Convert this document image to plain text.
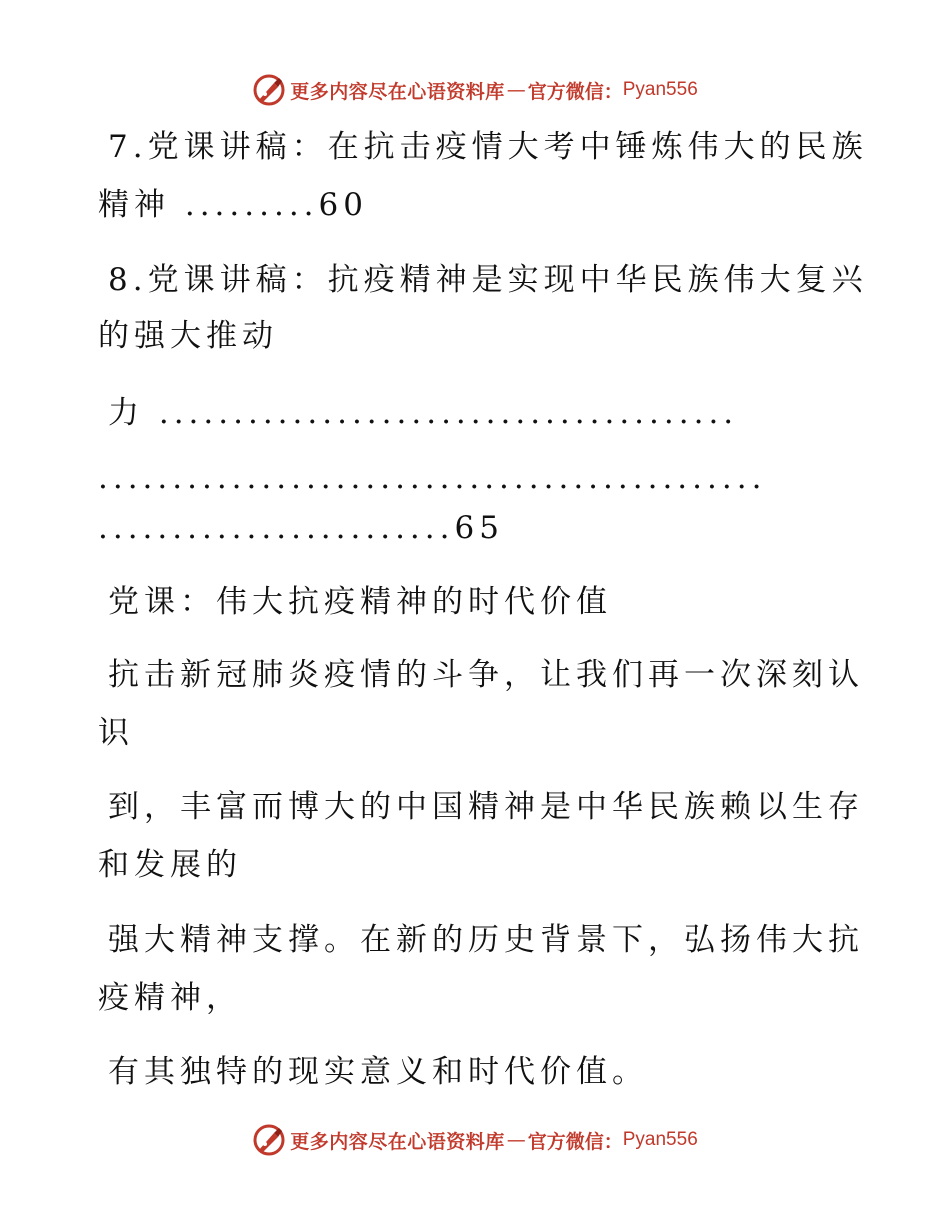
更多内容尽在心语资料库 — 官方微信： Pyan556
7.党课讲稿：在抗击疫情大考中锤炼伟大的民族
精神 .........60
8.党课讲稿：抗疫精神是实现中华民族伟大复兴
的强大推动
力 .......................................
.............................................
........................65
党课：伟大抗疫精神的时代价值
抗击新冠肺炎疫情的斗争，让我们再一次深刻认
识
到，丰富而博大的中国精神是中华民族赖以生存
和发展的
强大精神支撑。在新的历史背景下，弘扬伟大抗
疫精神，
有其独特的现实意义和时代价值。
更多内容尽在心语资料库 — 官方微信： Pyan556
